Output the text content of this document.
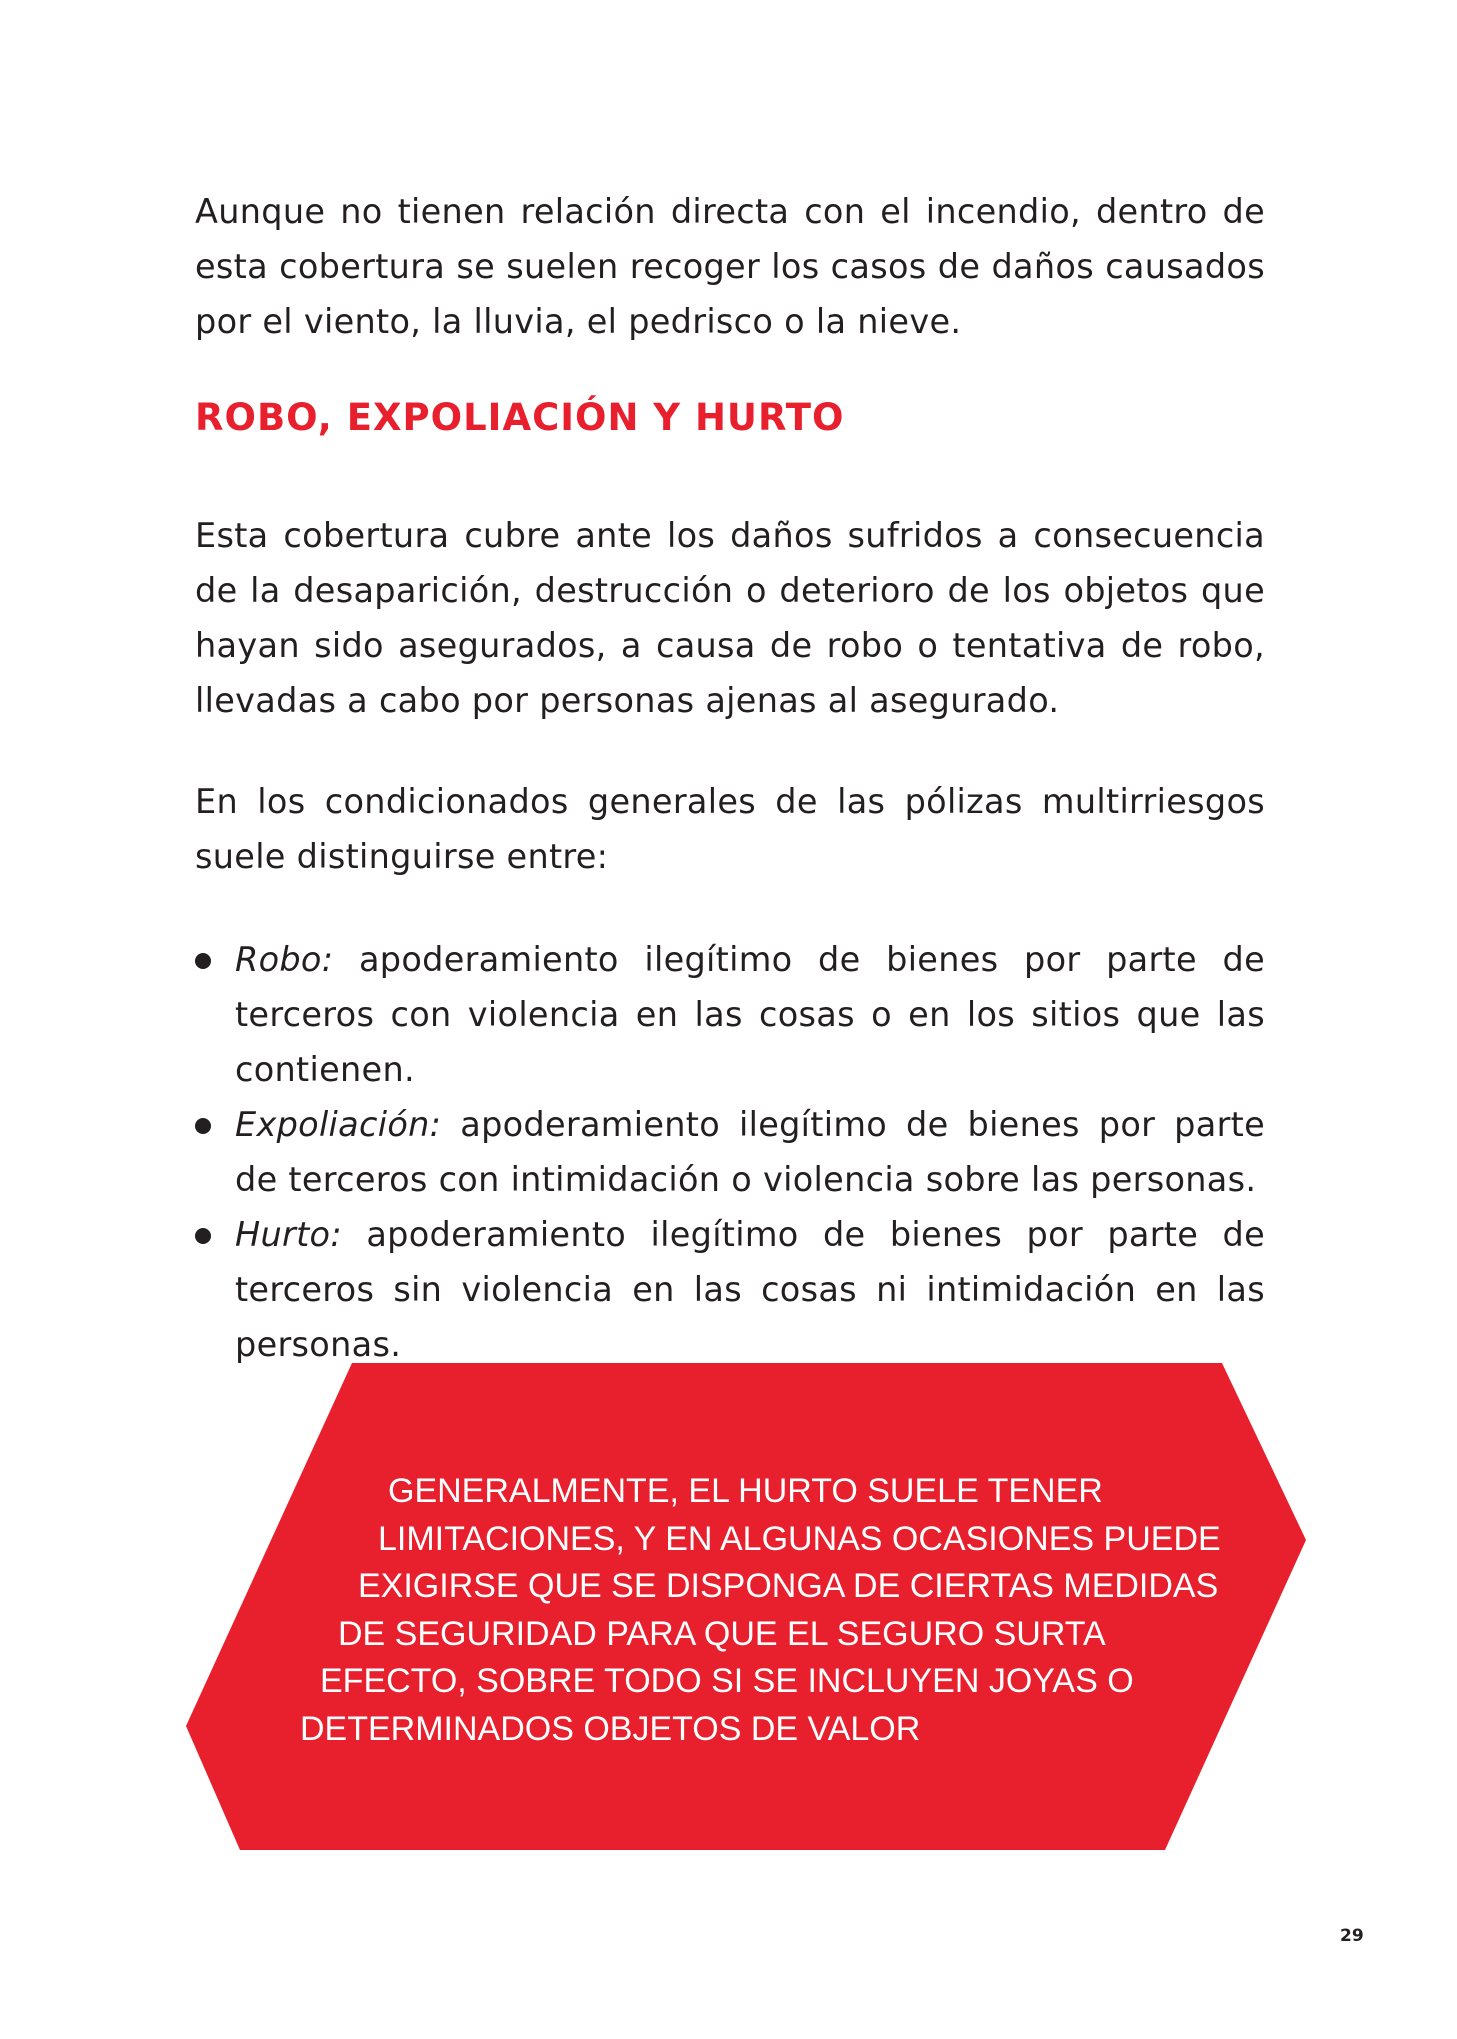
Aunque no tienen relación directa con el incendio, dentro de esta cobertura se suelen recoger los casos de daños causados por el viento, la lluvia, el pedrisco o la nieve.

ROBO, EXPOLIACIÓN Y HURTO

Esta cobertura cubre ante los daños sufridos a consecuencia de la desaparición, destrucción o deterioro de los objetos que hayan sido asegurados, a causa de robo o tentativa de robo, llevadas a cabo por personas ajenas al asegurado.

En los condicionados generales de las pólizas multirriesgos suele distinguirse entre:

Robo: apoderamiento ilegítimo de bienes por parte de terceros con violencia en las cosas o en los sitios que las contienen.
Expoliación: apoderamiento ilegítimo de bienes por parte de terceros con intimidación o violencia sobre las personas.
Hurto: apoderamiento ilegítimo de bienes por parte de terceros sin violencia en las cosas ni intimidación en las personas.
GENERALMENTE, EL HURTO SUELE TENER
LIMITACIONES, Y EN ALGUNAS OCASIONES PUEDE
EXIGIRSE QUE SE DISPONGA DE CIERTAS MEDIDAS
DE SEGURIDAD PARA QUE EL SEGURO SURTA
EFECTO, SOBRE TODO SI SE INCLUYEN JOYAS O
DETERMINADOS OBJETOS DE VALOR
29
